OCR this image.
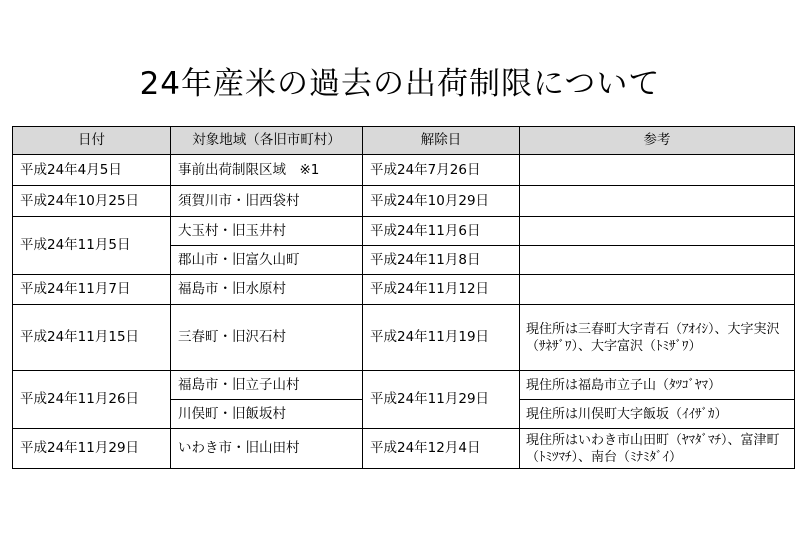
24年産米の過去の出荷制限について
日付	対象地域（各旧市町村）	解除日	参考
平成24年4月5日	事前出荷制限区域　※1	平成24年7月26日	
平成24年10月25日	須賀川市・旧西袋村	平成24年10月29日	
平成24年11月5日	大玉村・旧玉井村	平成24年11月6日	
	郡山市・旧富久山町	平成24年11月8日	
平成24年11月7日	福島市・旧水原村	平成24年11月12日	
平成24年11月15日	三春町・旧沢石村	平成24年11月19日	現住所は三春町大字青石（ｱｵｲｼ）、大字実沢（ｻﾈｻﾞﾜ）、大字富沢（ﾄﾐｻﾞﾜ）
平成24年11月26日	福島市・旧立子山村	平成24年11月29日	現住所は福島市立子山（ﾀﾂｺﾞﾔﾏ）
	川俣町・旧飯坂村		現住所は川俣町大字飯坂（ｲｲｻﾞｶ）
平成24年11月29日	いわき市・旧山田村	平成24年12月4日	現住所はいわき市山田町（ﾔﾏﾀﾞﾏﾁ）、富津町（ﾄﾐﾂﾏﾁ）、南台（ﾐﾅﾐﾀﾞｲ）
